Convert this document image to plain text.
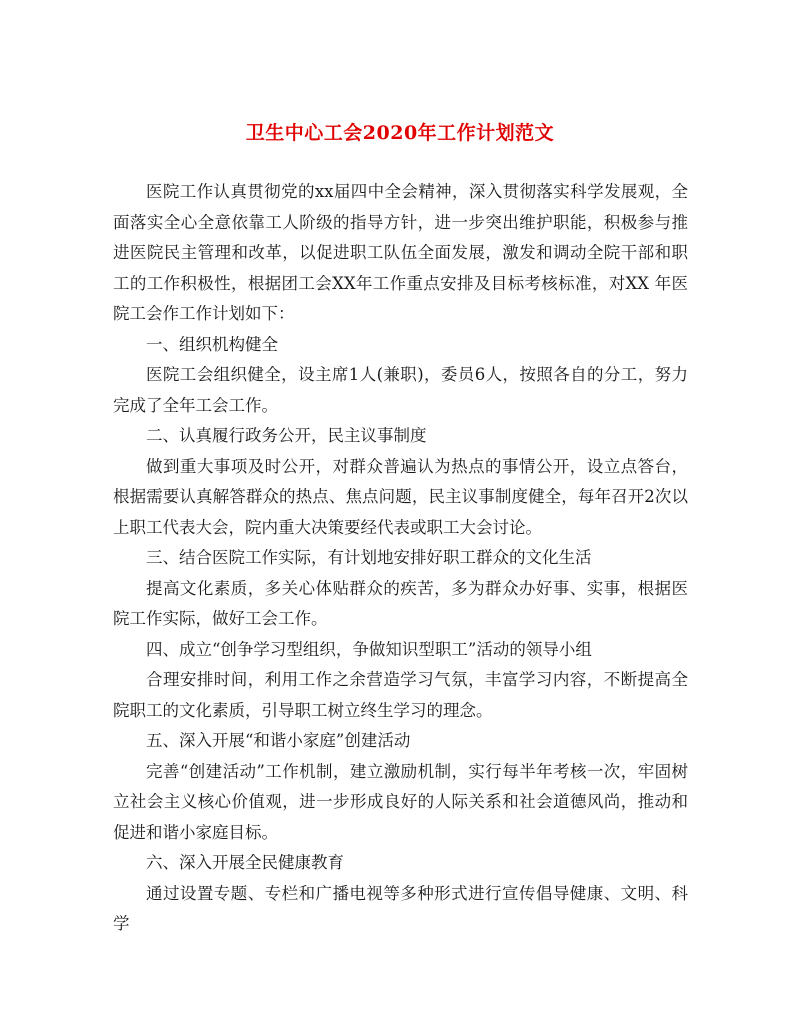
卫生中心工会2020年工作计划范文

医院工作认真贯彻党的xx届四中全会精神，深入贯彻落实科学发展观，全面落实全心全意依靠工人阶级的指导方针，进一步突出维护职能，积极参与推进医院民主管理和改革，以促进职工队伍全面发展，激发和调动全院干部和职工的工作积极性，根据团工会XX年工作重点安排及目标考核标准，对XX 年医院工会作工作计划如下：

一、组织机构健全

医院工会组织健全，设主席1人(兼职)，委员6人，按照各自的分工，努力完成了全年工会工作。

二、认真履行政务公开，民主议事制度

做到重大事项及时公开，对群众普遍认为热点的事情公开，设立点答台，根据需要认真解答群众的热点、焦点问题，民主议事制度健全，每年召开2次以上职工代表大会，院内重大决策要经代表或职工大会讨论。

三、结合医院工作实际，有计划地安排好职工群众的文化生活

提高文化素质，多关心体贴群众的疾苦，多为群众办好事、实事，根据医院工作实际，做好工会工作。

四、成立“创争学习型组织，争做知识型职工”活动的领导小组

合理安排时间，利用工作之余营造学习气氛，丰富学习内容，不断提高全院职工的文化素质，引导职工树立终生学习的理念。

五、深入开展“和谐小家庭”创建活动

完善“创建活动”工作机制，建立激励机制，实行每半年考核一次，牢固树立社会主义核心价值观，进一步形成良好的人际关系和社会道德风尚，推动和促进和谐小家庭目标。

六、深入开展全民健康教育

通过设置专题、专栏和广播电视等多种形式进行宣传倡导健康、文明、科学
